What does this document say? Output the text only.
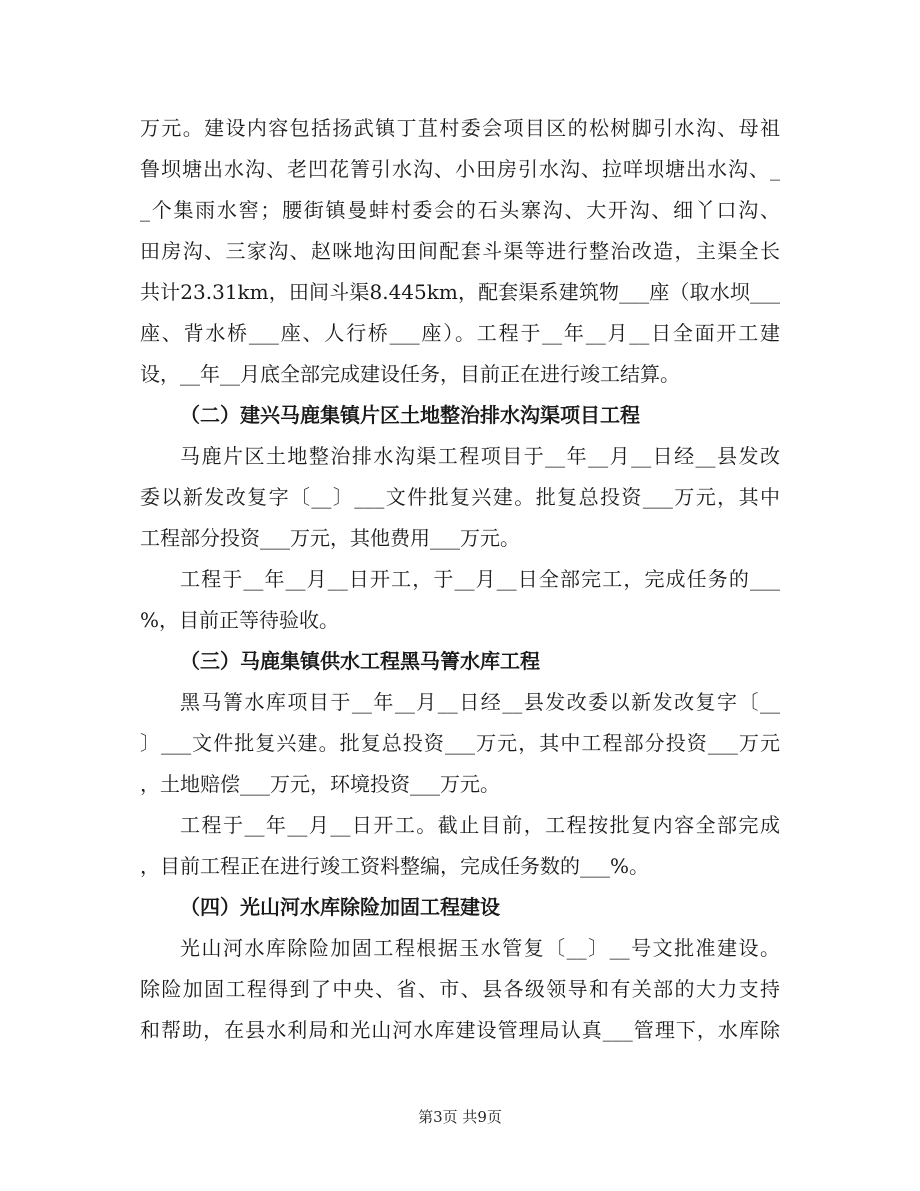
万元。建设内容包括扬武镇丁苴村委会项目区的松树脚引水沟、母祖
鲁坝塘出水沟、老凹花箐引水沟、小田房引水沟、拉咩坝塘出水沟、_
_个集雨水窖；腰街镇曼蚌村委会的石头寨沟、大开沟、细丫口沟、
田房沟、三家沟、赵咪地沟田间配套斗渠等进行整治改造，主渠全长
共计23.31km，田间斗渠8.445km，配套渠系建筑物___座（取水坝___
座、背水桥___座、人行桥___座）。工程于__年__月__日全面开工建
设，__年__月底全部完成建设任务，目前正在进行竣工结算。
（二）建兴马鹿集镇片区土地整治排水沟渠项目工程
马鹿片区土地整治排水沟渠工程项目于__年__月__日经__县发改
委以新发改复字〔__〕___文件批复兴建。批复总投资___万元，其中
工程部分投资___万元，其他费用___万元。
工程于__年__月__日开工，于__月__日全部完工，完成任务的___
%，目前正等待验收。
（三）马鹿集镇供水工程黑马箐水库工程
黑马箐水库项目于__年__月__日经__县发改委以新发改复字〔__
〕___文件批复兴建。批复总投资___万元，其中工程部分投资___万元
，土地赔偿___万元，环境投资___万元。
工程于__年__月__日开工。截止目前，工程按批复内容全部完成
，目前工程正在进行竣工资料整编，完成任务数的___%。
（四）光山河水库除险加固工程建设
光山河水库除险加固工程根据玉水管复〔__〕__号文批准建设。
除险加固工程得到了中央、省、市、县各级领导和有关部的大力支持
和帮助，在县水利局和光山河水库建设管理局认真___管理下，水库除
第3页 共9页
